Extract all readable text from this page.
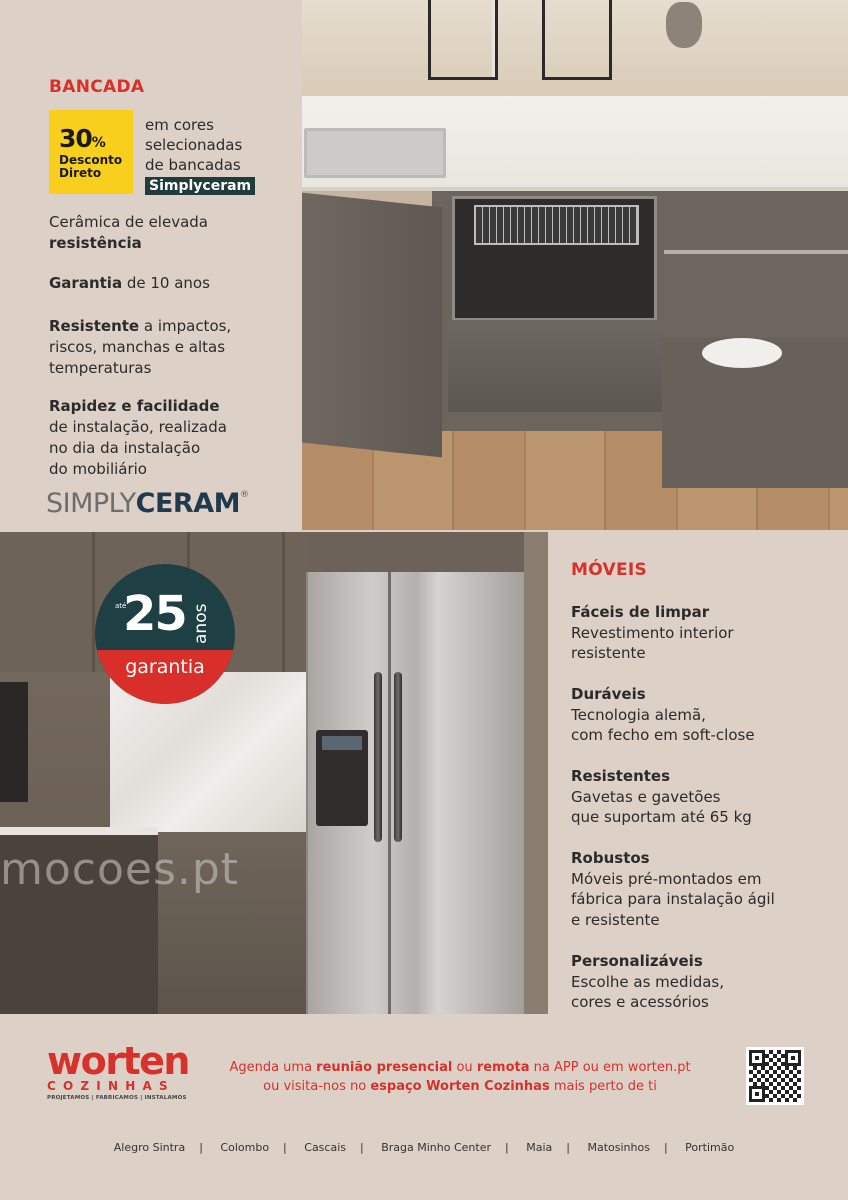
BANCADA
30%
Desconto
Direto
em cores
selecionadas
de bancadas
Simplyceram
Cerâmica de elevada
resistência
Garantia de 10 anos
Resistente a impactos,
riscos, manchas e altas
temperaturas
Rapidez e facilidade
de instalação, realizada
no dia da instalação
do mobiliário
SIMPLYCERAM®
mocoes.pt
até
25 anos
garantia
MÓVEIS
Fáceis de limpar
Revestimento interior
resistente
Duráveis
Tecnologia alemã,
com fecho em soft-close
Resistentes
Gavetas e gavetões
que suportam até 65 kg
Robustos
Móveis pré-montados em
fábrica para instalação ágil
e resistente
Personalizáveis
Escolhe as medidas,
cores e acessórios
worten
COZINHAS
PROJETAMOS | FABRICAMOS | INSTALAMOS
Agenda uma reunião presencial ou remota na APP ou em worten.pt
ou visita-nos no espaço Worten Cozinhas mais perto de ti
Alegro Sintra | Colombo | Cascais | Braga Minho Center | Maia | Matosinhos | Portimão
